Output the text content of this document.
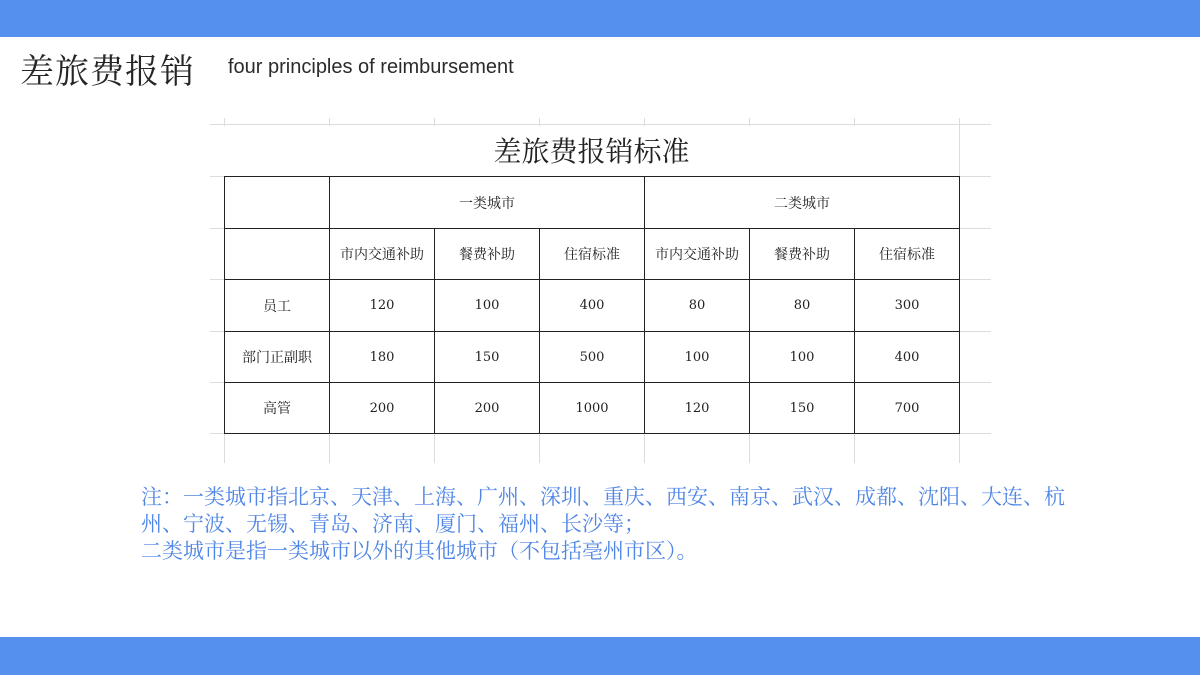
差旅费报销 four principles of reimbursement
差旅费报销标准
	一类城市			二类城市		
	市内交通补助	餐费补助	住宿标准	市内交通补助	餐费补助	住宿标准
员工	120	100	400	80	80	300
部门正副职	180	150	500	100	100	400
高管	200	200	1000	120	150	700
注：一类城市指北京、天津、上海、广州、深圳、重庆、西安、南京、武汉、成都、沈阳、大连、杭州、宁波、无锡、青岛、济南、厦门、福州、长沙等；
二类城市是指一类城市以外的其他城市（不包括亳州市区）。
